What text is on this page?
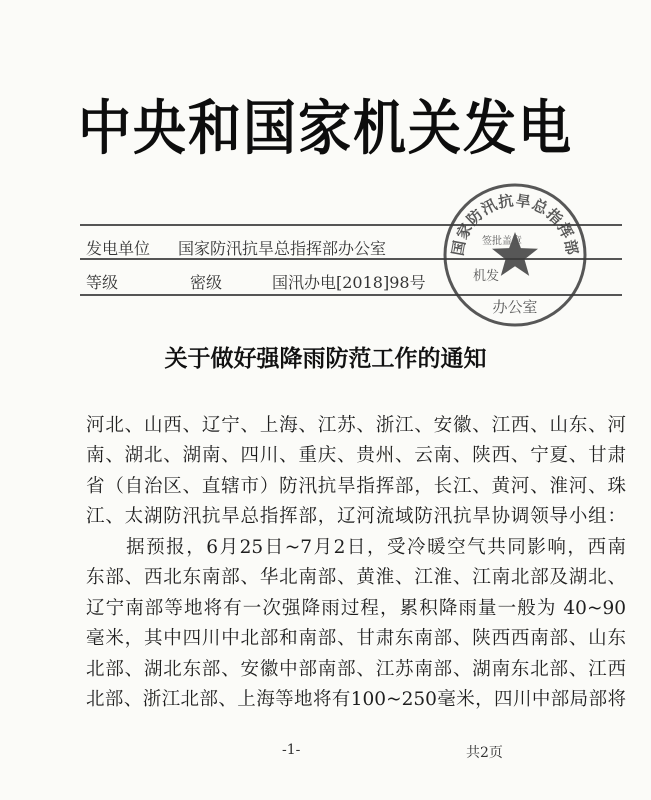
中央和国家机关发电
发电单位 国家防汛抗旱总指挥部办公室
等级	密级	国汛办电[2018]98号
国家防汛抗旱总指挥部
签批盖章
机发
办公室
关于做好强降雨防范工作的通知
河北、山西、辽宁、上海、江苏、浙江、安徽、江西、山东、河
南、湖北、湖南、四川、重庆、贵州、云南、陕西、宁夏、甘肃
省（自治区、直辖市）防汛抗旱指挥部，长江、黄河、淮河、珠
江、太湖防汛抗旱总指挥部，辽河流域防汛抗旱协调领导小组：
　　据预报，6月25日~7月2日，受冷暖空气共同影响，西南
东部、西北东南部、华北南部、黄淮、江淮、江南北部及湖北、
辽宁南部等地将有一次强降雨过程，累积降雨量一般为 40~90
毫米，其中四川中北部和南部、甘肃东南部、陕西西南部、山东
北部、湖北东部、安徽中部南部、江苏南部、湖南东北部、江西
北部、浙江北部、上海等地将有100~250毫米，四川中部局部将
-1-	共2页
